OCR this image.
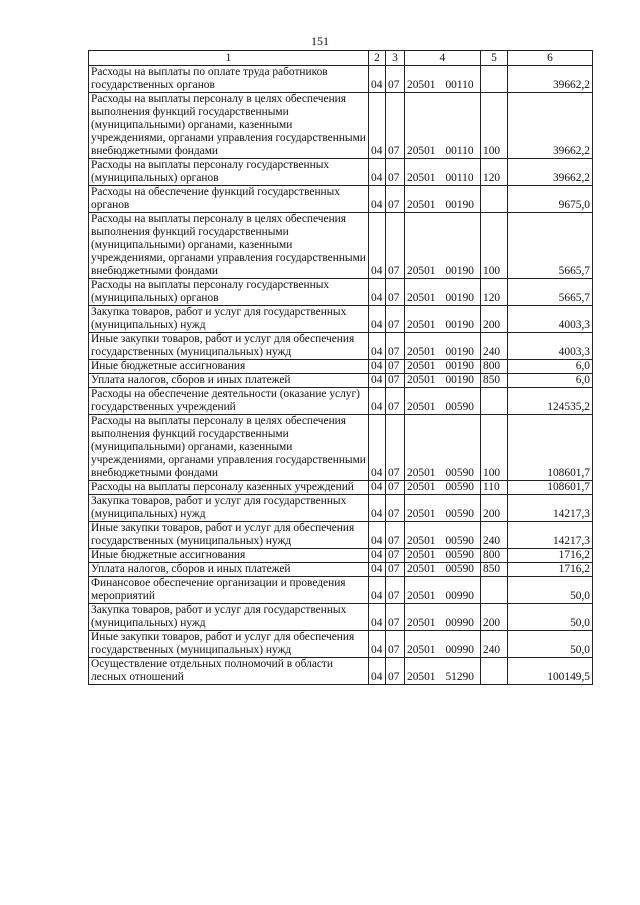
151
1	2	3	4	5	6
Расходы на выплаты по оплате труда работников государственных органов	04	07	20501 00110		39662,2
Расходы на выплаты персоналу в целях обеспечения выполнения функций государственными (муниципальными) органами, казенными учреждениями, органами управления государственными внебюджетными фондами	04	07	20501 00110	100	39662,2
Расходы на выплаты персоналу государственных (муниципальных) органов	04	07	20501 00110	120	39662,2
Расходы на обеспечение функций государственных органов	04	07	20501 00190		9675,0
Расходы на выплаты персоналу в целях обеспечения выполнения функций государственными (муниципальными) органами, казенными учреждениями, органами управления государственными внебюджетными фондами	04	07	20501 00190	100	5665,7
Расходы на выплаты персоналу государственных (муниципальных) органов	04	07	20501 00190	120	5665,7
Закупка товаров, работ и услуг для государственных (муниципальных) нужд	04	07	20501 00190	200	4003,3
Иные закупки товаров, работ и услуг для обеспечения государственных (муниципальных) нужд	04	07	20501 00190	240	4003,3
Иные бюджетные ассигнования	04	07	20501 00190	800	6,0
Уплата налогов, сборов и иных платежей	04	07	20501 00190	850	6,0
Расходы на обеспечение деятельности (оказание услуг) государственных учреждений	04	07	20501 00590		124535,2
Расходы на выплаты персоналу в целях обеспечения выполнения функций государственными (муниципальными) органами, казенными учреждениями, органами управления государственными внебюджетными фондами	04	07	20501 00590	100	108601,7
Расходы на выплаты персоналу казенных учреждений	04	07	20501 00590	110	108601,7
Закупка товаров, работ и услуг для государственных (муниципальных) нужд	04	07	20501 00590	200	14217,3
Иные закупки товаров, работ и услуг для обеспечения государственных (муниципальных) нужд	04	07	20501 00590	240	14217,3
Иные бюджетные ассигнования	04	07	20501 00590	800	1716,2
Уплата налогов, сборов и иных платежей	04	07	20501 00590	850	1716,2
Финансовое обеспечение организации и проведения мероприятий	04	07	20501 00990		50,0
Закупка товаров, работ и услуг для государственных (муниципальных) нужд	04	07	20501 00990	200	50,0
Иные закупки товаров, работ и услуг для обеспечения государственных (муниципальных) нужд	04	07	20501 00990	240	50,0
Осуществление отдельных полномочий в области лесных отношений	04	07	20501 51290		100149,5
